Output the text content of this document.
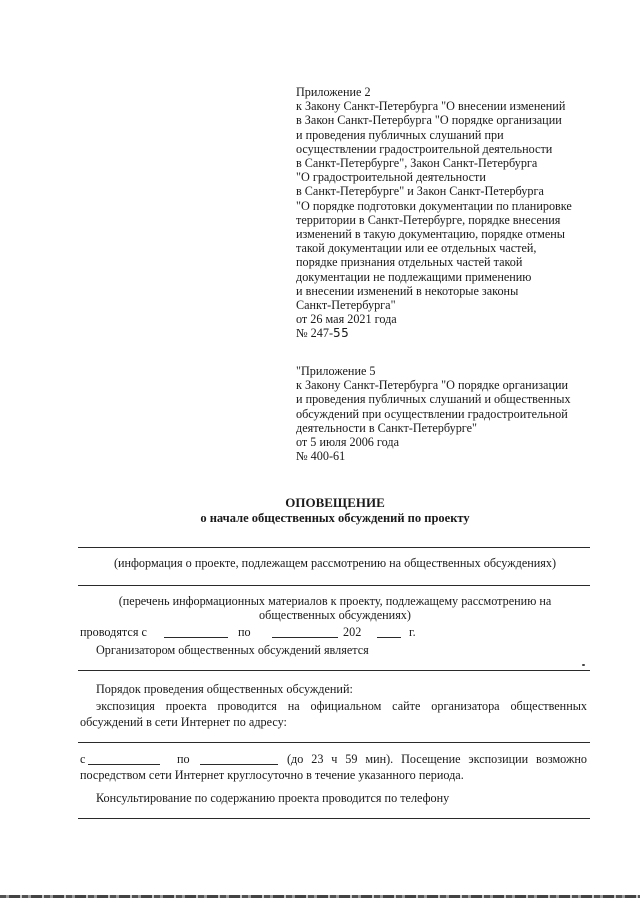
Приложение 2
к Закону Санкт-Петербурга "О внесении изменений
в Закон Санкт-Петербурга "О порядке организации
и проведения публичных слушаний при
осуществлении градостроительной деятельности
в Санкт-Петербурге", Закон Санкт-Петербурга
"О градостроительной деятельности
в Санкт-Петербурге" и Закон Санкт-Петербурга
"О порядке подготовки документации по планировке
территории в Санкт-Петербурге, порядке внесения
изменений в такую документацию, порядке отмены
такой документации или ее отдельных частей,
порядке признания отдельных частей такой
документации не подлежащими применению
и внесении изменений в некоторые законы
Санкт-Петербурга"
от 26 мая 2021 года
№ 247-55
"Приложение 5
к Закону Санкт-Петербурга "О порядке организации
и проведения публичных слушаний и общественных
обсуждений при осуществлении градостроительной
деятельности в Санкт-Петербурге"
от 5 июля 2006 года
№ 400-61
ОПОВЕЩЕНИЕ
о начале общественных обсуждений по проекту
(информация о проекте, подлежащем рассмотрению на общественных обсуждениях)
(перечень информационных материалов к проекту, подлежащему рассмотрению на
общественных обсуждениях)
проводятся с	по	202	г.
Организатором общественных обсуждений является
Порядок проведения общественных обсуждений:
экспозиция проекта проводится на официальном сайте организатора общественных обсуждений в сети Интернет по адресу:
с	по	(до 23 ч 59 мин). Посещение экспозиции возможно
посредством сети Интернет круглосуточно в течение указанного периода.
Консультирование по содержанию проекта проводится по телефону
